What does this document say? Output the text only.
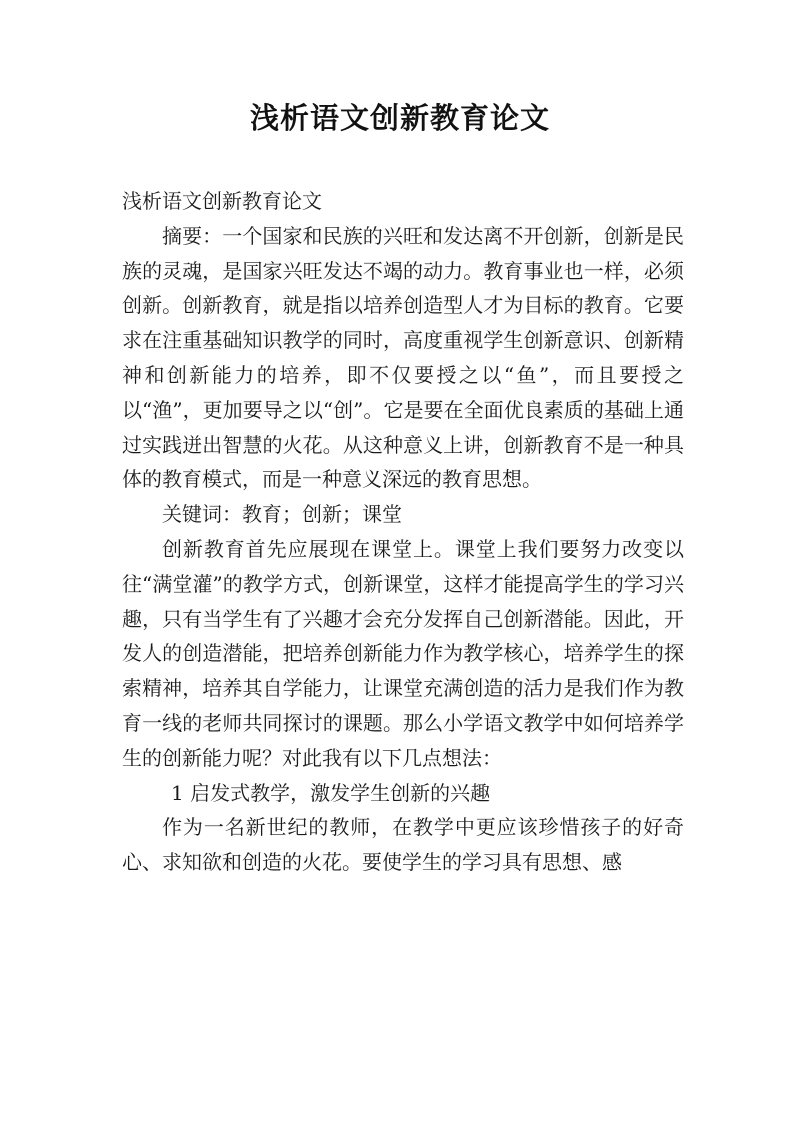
浅析语文创新教育论文

浅析语文创新教育论文

摘要：一个国家和民族的兴旺和发达离不开创新，创新是民族的灵魂，是国家兴旺发达不竭的动力。教育事业也一样，必须创新。创新教育，就是指以培养创造型人才为目标的教育。它要求在注重基础知识教学的同时，高度重视学生创新意识、创新精神和创新能力的培养，即不仅要授之以“鱼”，而且要授之以“渔”，更加要导之以“创”。它是要在全面优良素质的基础上通过实践迸出智慧的火花。从这种意义上讲，创新教育不是一种具体的教育模式，而是一种意义深远的教育思想。

关键词：教育；创新；课堂

创新教育首先应展现在课堂上。课堂上我们要努力改变以往“满堂灌”的教学方式，创新课堂，这样才能提高学生的学习兴趣，只有当学生有了兴趣才会充分发挥自己创新潜能。因此，开发人的创造潜能，把培养创新能力作为教学核心，培养学生的探索精神，培养其自学能力，让课堂充满创造的活力是我们作为教育一线的老师共同探讨的课题。那么小学语文教学中如何培养学生的创新能力呢？对此我有以下几点想法：

1 启发式教学，激发学生创新的兴趣

作为一名新世纪的教师，在教学中更应该珍惜孩子的好奇心、求知欲和创造的火花。要使学生的学习具有思想、感
